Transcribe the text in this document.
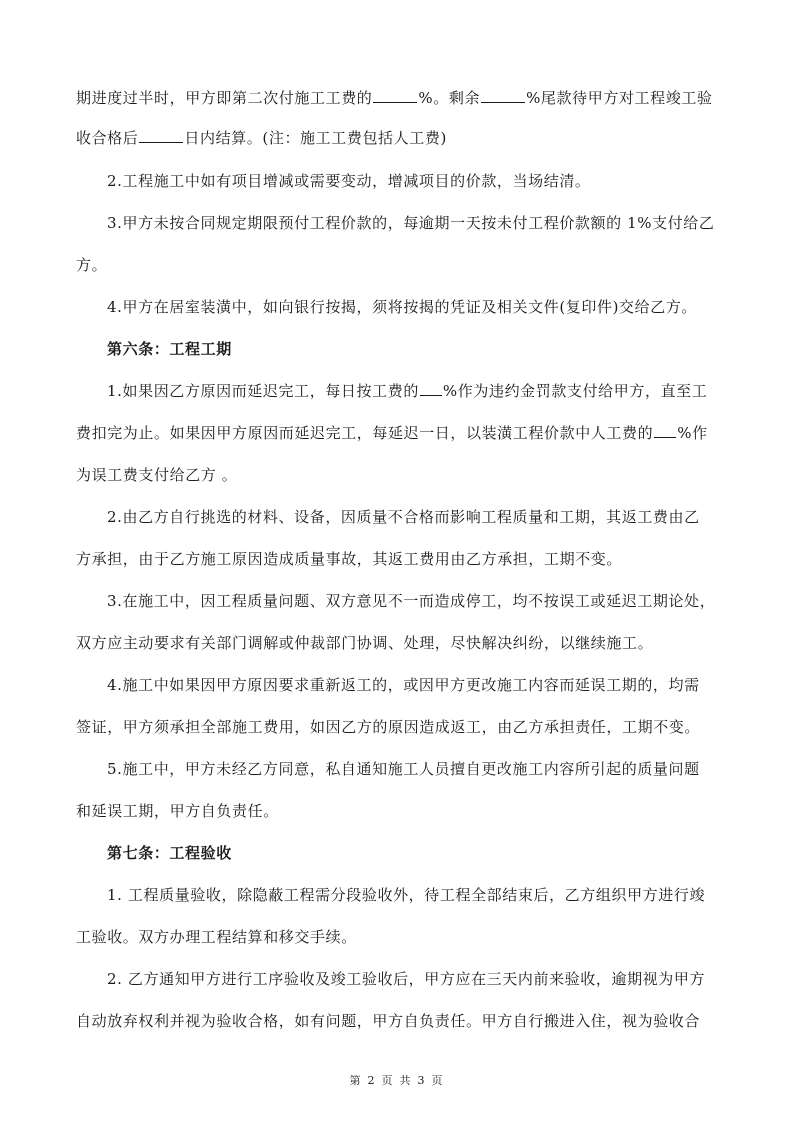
期进度过半时，甲方即第二次付施工工费的	%。剩余	%尾款待甲方对工程竣工验
收合格后	日内结算。(注：施工工费包括人工费)
2.工程施工中如有项目增减或需要变动，增减项目的价款，当场结清。
3.甲方未按合同规定期限预付工程价款的，每逾期一天按未付工程价款额的 1%支付给乙
方。
4.甲方在居室装潢中，如向银行按揭，须将按揭的凭证及相关文件(复印件)交给乙方。
第六条：工程工期
1.如果因乙方原因而延迟完工，每日按工费的 %作为违约金罚款支付给甲方，直至工
费扣完为止。如果因甲方原因而延迟完工，每延迟一日，以装潢工程价款中人工费的 %作
为误工费支付给乙方 。
2.由乙方自行挑选的材料、设备，因质量不合格而影响工程质量和工期，其返工费由乙
方承担，由于乙方施工原因造成质量事故，其返工费用由乙方承担，工期不变。
3.在施工中，因工程质量问题、双方意见不一而造成停工，均不按误工或延迟工期论处，
双方应主动要求有关部门调解或仲裁部门协调、处理，尽快解决纠纷，以继续施工。
4.施工中如果因甲方原因要求重新返工的，或因甲方更改施工内容而延误工期的，均需
签证，甲方须承担全部施工费用，如因乙方的原因造成返工，由乙方承担责任，工期不变。
5.施工中，甲方未经乙方同意，私自通知施工人员擅自更改施工内容所引起的质量问题
和延误工期，甲方自负责任。
第七条：工程验收
1. 工程质量验收，除隐蔽工程需分段验收外，待工程全部结束后，乙方组织甲方进行竣
工验收。双方办理工程结算和移交手续。
2. 乙方通知甲方进行工序验收及竣工验收后，甲方应在三天内前来验收，逾期视为甲方
自动放弃权利并视为验收合格，如有问题，甲方自负责任。甲方自行搬进入住，视为验收合
第 2 页 共 3 页
